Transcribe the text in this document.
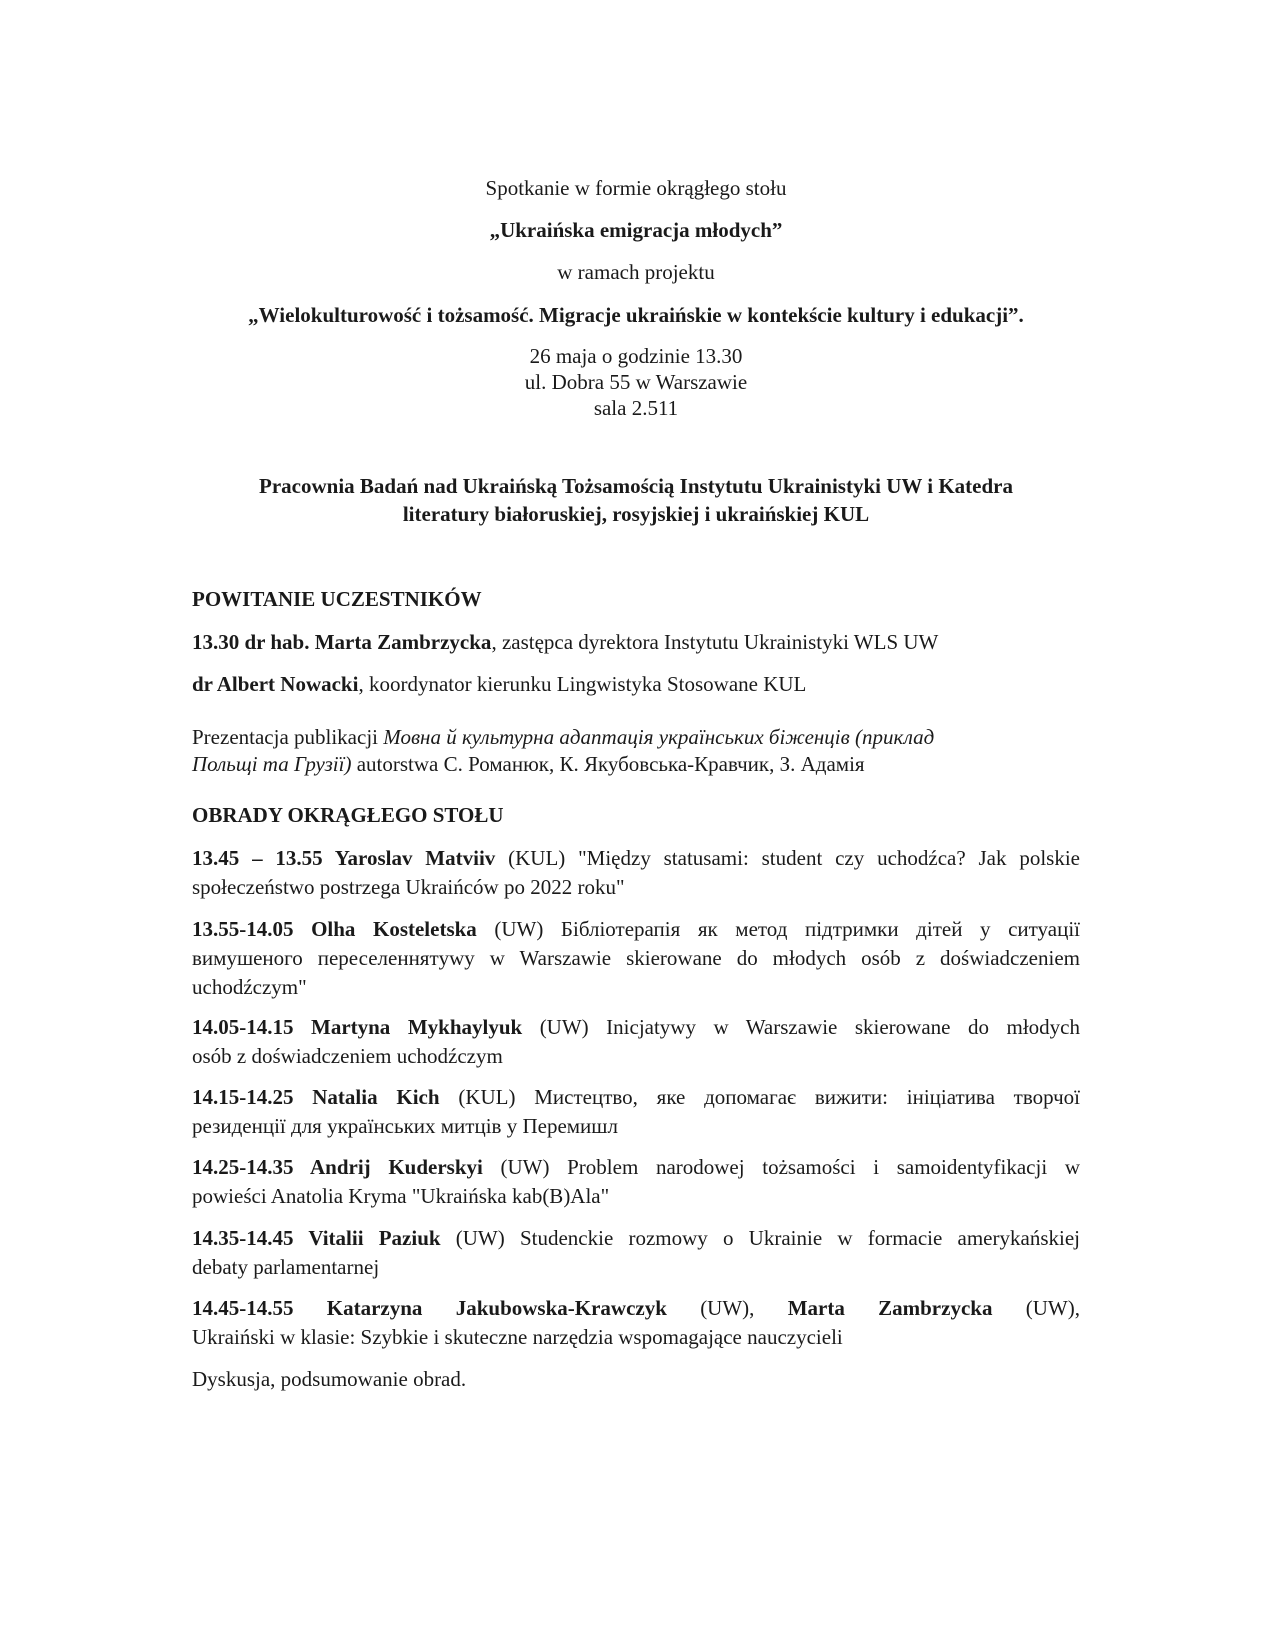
Spotkanie w formie okrągłego stołu
„Ukraińska emigracja młodych”
w ramach projektu
„Wielokulturowość i tożsamość. Migracje ukraińskie w kontekście kultury i edukacji”.
26 maja o godzinie 13.30
ul. Dobra 55 w Warszawie
sala 2.511
Pracownia Badań nad Ukraińską Tożsamością Instytutu Ukrainistyki UW i Katedra
literatury białoruskiej, rosyjskiej i ukraińskiej KUL
POWITANIE UCZESTNIKÓW
13.30 dr hab. Marta Zambrzycka, zastępca dyrektora Instytutu Ukrainistyki WLS UW
dr Albert Nowacki, koordynator kierunku Lingwistyka Stosowane KUL
Prezentacja publikacji Мовна й культурна адаптація українських біженців (приклад
Польщі та Грузії) autorstwa С. Романюк, К. Якубовська-Кравчик, З. Адамія
OBRADY OKRĄGŁEGO STOŁU
13.45 – 13.55 Yaroslav Matviiv (KUL) "Między statusami: student czy uchodźca? Jak polskie
społeczeństwo postrzega Ukraińców po 2022 roku"
13.55-14.05 Olha Kosteletska (UW) Бібліотерапія як метод підтримки дітей у ситуації
вимушеного переселеннятywy w Warszawie skierowane do młodych osób z doświadczeniem
uchodźczym"
14.05-14.15 Martyna Mykhaylyuk (UW) Inicjatywy w Warszawie skierowane do młodych
osób z doświadczeniem uchodźczym
14.15-14.25 Natalia Kich (KUL) Мистецтво, яке допомагає вижити: ініціатива творчої
резиденції для українських митців у Перемишл
14.25-14.35 Andrij Kuderskyi (UW) Problem narodowej tożsamości i samoidentyfikacji w
powieści Anatolia Kryma "Ukraińska kab(B)Ala"
14.35-14.45 Vitalii Paziuk (UW) Studenckie rozmowy o Ukrainie w formacie amerykańskiej
debaty parlamentarnej
14.45-14.55 Katarzyna Jakubowska-Krawczyk (UW), Marta Zambrzycka (UW),
Ukraiński w klasie: Szybkie i skuteczne narzędzia wspomagające nauczycieli
Dyskusja, podsumowanie obrad.
